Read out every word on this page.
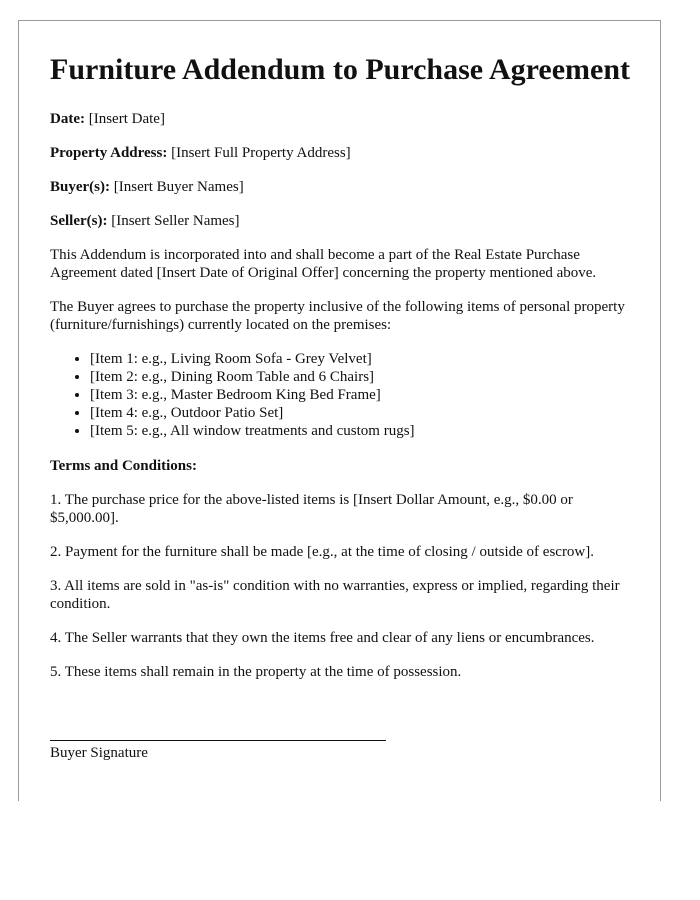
Furniture Addendum to Purchase Agreement

Date: [Insert Date]

Property Address: [Insert Full Property Address]

Buyer(s): [Insert Buyer Names]

Seller(s): [Insert Seller Names]

This Addendum is incorporated into and shall become a part of the Real Estate Purchase Agreement dated [Insert Date of Original Offer] concerning the property mentioned above.

The Buyer agrees to purchase the property inclusive of the following items of personal property (furniture/furnishings) currently located on the premises:

• [Item 1: e.g., Living Room Sofa - Grey Velvet]
• [Item 2: e.g., Dining Room Table and 6 Chairs]
• [Item 3: e.g., Master Bedroom King Bed Frame]
• [Item 4: e.g., Outdoor Patio Set]
• [Item 5: e.g., All window treatments and custom rugs]

Terms and Conditions:

1. The purchase price for the above-listed items is [Insert Dollar Amount, e.g., $0.00 or $5,000.00].

2. Payment for the furniture shall be made [e.g., at the time of closing / outside of escrow].

3. All items are sold in "as-is" condition with no warranties, express or implied, regarding their condition.

4. The Seller warrants that they own the items free and clear of any liens or encumbrances.

5. These items shall remain in the property at the time of possession.

Buyer Signature
